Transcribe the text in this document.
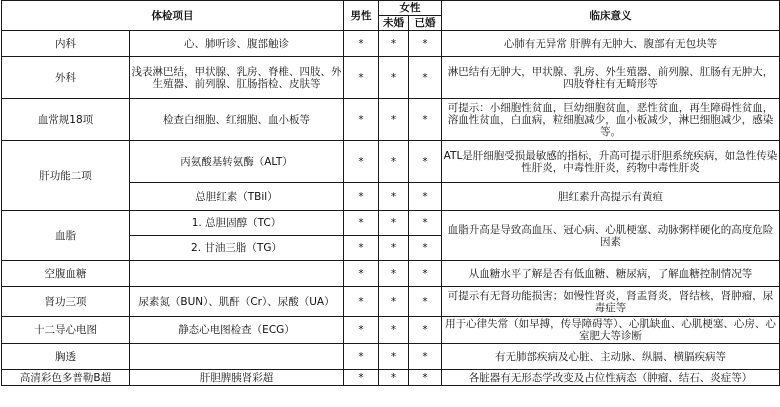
体检项目		男性	女性		临床意义
			未婚	已婚	
内科	心、肺听诊、腹部触诊	*	*	*	心肺有无异常 肝脾有无肿大、腹部有无包块等
外科	浅表淋巴结，甲状腺、乳房、脊椎、四肢、外生殖器、前列腺、肛肠指检、皮肤等	*	*	*	淋巴结有无肿大，甲状腺、乳房、外生殖器、前列腺、肛肠有无肿大，四肢脊柱有无畸形等
血常规18项	检查白细胞、红细胞、血小板等	*	*	*	可提示：小细胞性贫血，巨幼细胞贫血，恶性贫血，再生障碍性贫血，溶血性贫血，白血病，粒细胞减少，血小板减少，淋巴细胞减少，感染等。
肝功能二项	丙氨酸基转氨酶（ALT）	*	*	*	ATL是肝细胞受损最敏感的指标，升高可提示肝胆系统疾病，如急性传染性肝炎，中毒性肝炎，药物中毒性肝炎
	总胆红素（TBil）	*	*	*	胆红素升高提示有黄疸
血脂	1. 总胆固醇（TC）	*	*	*	血脂升高是导致高血压、冠心病、心肌梗塞、动脉粥样硬化的高度危险因素
	2. 甘油三脂（TG）	*	*	*	
空腹血糖		*	*	*	从血糖水平了解是否有低血糖、糖尿病，了解血糖控制情况等
肾功三项	尿素氮（BUN）、肌酐（Cr）、尿酸（UA）	*	*	*	可提示有无肾功能损害；如慢性肾炎，肾盂肾炎，肾结核，肾肿瘤，尿毒症等
十二导心电图	静态心电图检查（ECG）	*	*	*	用于心律失常（如早搏，传导障碍等）、心肌缺血、心肌梗塞、心房、心室肥大等诊断
胸透		*	*	*	有无肺部疾病及心脏、主动脉、纵膈、横膈疾病等
高清彩色多普勒B超	肝胆脾胰肾彩超	*	*	*	各脏器有无形态学改变及占位性病态（肿瘤、结石、炎症等）
